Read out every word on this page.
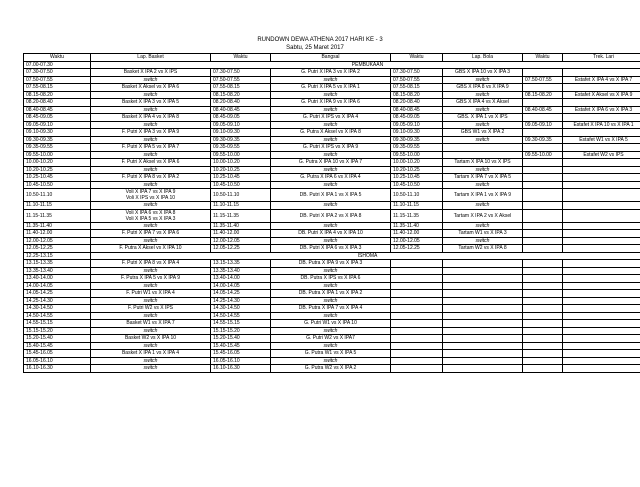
RUNDOWN DEWA ATHENA 2017 HARI KE - 3
Sabtu, 25 Maret 2017
Waktu	Lap. Basket	Waktu	Bangsal	Waktu	Lap. Bola	Waktu	Trek. Lari
07.00-07.30	PEMBUKAAN						
07.30-07.50	Basket X IPA 2 vs X IPS	07.30-07.50	G. Putri X IPA 3 vs X IPA 2	07.30-07.50	GBS X IPA 10 vs X IPA 3		
07.50-07.55	switch	07.50-07.55	switch	07.50-07.55	switch	07.50-07.55	Estafet X IPA 4 vs X IPA 7
07.55-08.15	Basket X Aksel vs X IPA 6	07.55-08.15	G. Putri X IPA 5 vs X IPA 1	07.55-08.15	GBS X IPA 8 vs X IPA 9		
08.15-08.20	switch	08.15-08.20	switch	08.15-08.20	switch	08.15-08.20	Estafet X Aksel vs X IPA 9
08.20-08.40	Basket X IPA 3 vs X IPA 5	08.20-08.40	G. Putri X IPA 9 vs X IPA 6	08.20-08.40	GBS X IPA 4 vs X Aksel		
08.40-08.45	switch	08.40-08.45	switch	08.40-08.45	switch	08.40-08.45	Estafet X IPA 6 vs X IPA 3
08.45-09.05	Basket X IPA 4 vs X IPA 8	08.45-09.05	G. Putri X IPS vs X IPA 4	08.45-09.05	GBS. X IPA 1 vs X IPS		
09.05-09.10	switch	09.05-09.10	switch	09.05-09.10	switch	09.05-09.10	Estafet X IPA 10 vs X IPA 1
09.10-09.30	F. Putri X IPA 3 vs X IPA 9	09.10-09.30	G. Putra X Aksel vs X IPA 8	09.10-09.30	GBS W1 vs X IPA 2		
09.30-09.35	switch	09.30-09.35	switch	09.30-09.35	switch	09.30-09.35	Estafet W1 vs X IPA 5
09.35-09.55	F. Putri X IPA 5 vs X IPA 7	09.35-09.55	G. Putri X IPS vs X IPA 9	09.35-09.55			
09.55-10.00	switch	09.55-10.00	switch	09.55-10.00		09.55-10.00	Estafet W2 vs IPS
10.00-10.20	F. Putri X Aksel vs X IPA 6	10.00-10.20	G. Putra X IPA 10 vs X IPA 7	10.00-10.20	Tartam X IPA 10 vs X IPS		
10.20-10.25	switch	10.20-10.25	switch	10.20-10.25	switch		
10.25-10.45	F. Putri X IPA 8 vs X IPA 2	10.25-10.45	G. Putra X IPA 6 vs X IPA 4	10.25-10.45	Tartam X IPA 7 vs X IPA 5		
10.45-10.50	switch	10.45-10.50	switch	10.45-10.50	switch		
10.50-11.10	Voli X IPA 7 vs X IPA 9
Voli X IPS vs X IPA 10	10.50-11.10	DB. Putri X IPA 1 vs X IPA 5	10.50-11.10	Tartam X IPA 1 vs X IPA 9		
11.10-11.15	switch	11.10-11.15	switch	11.10-11.15	switch		
11.15-11.35	Voli X IPA 6 vs X IPA 8
Voli X IPA 5 vs X IPA 3	11.15-11.35	DB. Putri X IPA 2 vs X IPA 8	11.15-11.35	Tartam X IPA 2 vs X Aksel		
11.35-11.40	switch	11.35-11.40	switch	11.35-11.40	switch		
11.40-12.00	F. Putri X IPA 7 vs X IPA 6	11.40-12.00	DB. Putri X IPA 4 vs X IPA 10	11.40-12.00	Tartam W1 vs X IPA 3		
12.00-12.05	switch	12.00-12.05	switch	12.00-12.05	switch		
12.05-12.25	F. Putra X Aksel vs X IPA 10	12.05-12.25	DB. Putri X IPA 6 vs X IPA 3	12.05-12.25	Tartam W2 vs X IPA 8		
12.25-13.15	ISHOMA						
13.15-13.35	F. Putri X IPA 8 vs X IPA 4	13.15-13.35	DB. Putra X IPA 9 vs X IPA 3				
13.35-13.40	switch	13.35-13.40	switch				
13.40-14.00	F. Putra X IPA 5 vs X IPA 9	13.40-14.00	DB. Putra X IPS vs X IPA 6				
14.00-14.05	switch	14.00-14.05	switch				
14.05-14.25	F. Putri W1 vs X IPA 4	14.05-14.25	DB. Putra X IPA 1 vs X IPA 2				
14.25-14.30	switch	14.25-14.30	switch				
14.30-14.50	F. Putri W2 vs X IPS	14.30-14.50	DB. Putra X IPA 7 vs X IPA 4				
14.50-14.55	switch	14.50-14.55	switch				
14.55-15.15	Basket W1 vs X IPA 7	14.55-15.15	G. Putri W1 vs X IPA 10				
15.15-15.20	switch	15.15-15.20	switch				
15.20-15.40	Basket W2 vs X IPA 10	15.20-15.40	G. Putri W2 vs X IPA7				
15.40-15.45	switch	15.40-15.45	switch				
15.45-16.05	Basket X IPA 1 vs X IPA 4	15.45-16.05	G. Putra W1 vs X IPA 5				
16.05-16.10	switch	16.05-16.10	switch				
16.10-16.30	switch	16.10-16.30	G. Putra W2 vs X IPA 2				
